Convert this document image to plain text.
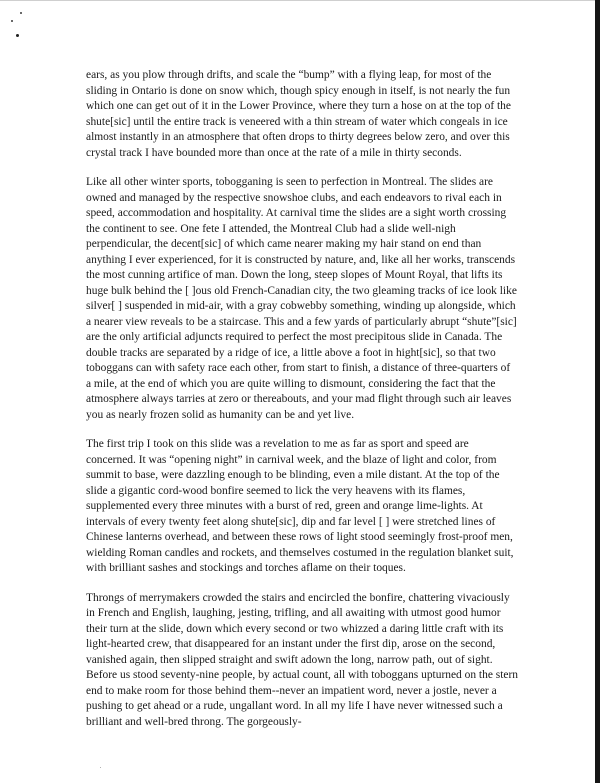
ears, as you plow through drifts, and scale the “bump” with a flying leap, for most of the sliding in Ontario is done on snow which, though spicy enough in itself, is not nearly the fun which one can get out of it in the Lower Province, where they turn a hose on at the top of the shute[sic] until the entire track is veneered with a thin stream of water which congeals in ice almost instantly in an atmosphere that often drops to thirty degrees below zero, and over this crystal track I have bounded more than once at the rate of a mile in thirty seconds.

Like all other winter sports, tobogganing is seen to perfection in Montreal. The slides are owned and managed by the respective snowshoe clubs, and each endeavors to rival each in speed, accommodation and hospitality. At carnival time the slides are a sight worth crossing the continent to see. One fete I attended, the Montreal Club had a slide well-nigh perpendicular, the decent[sic] of which came nearer making my hair stand on end than anything I ever experienced, for it is constructed by nature, and, like all her works, transcends the most cunning artifice of man. Down the long, steep slopes of Mount Royal, that lifts its huge bulk behind the [ ]ous old French-Canadian city, the two gleaming tracks of ice look like silver[ ] suspended in mid-air, with a gray cobwebby something, winding up alongside, which a nearer view reveals to be a staircase. This and a few yards of particularly abrupt “shute”[sic] are the only artificial adjuncts required to perfect the most precipitous slide in Canada. The double tracks are separated by a ridge of ice, a little above a foot in hight[sic], so that two toboggans can with safety race each other, from start to finish, a distance of three-quarters of a mile, at the end of which you are quite willing to dismount, considering the fact that the atmosphere always tarries at zero or thereabouts, and your mad flight through such air leaves you as nearly frozen solid as humanity can be and yet live.

The first trip I took on this slide was a revelation to me as far as sport and speed are concerned. It was “opening night” in carnival week, and the blaze of light and color, from summit to base, were dazzling enough to be blinding, even a mile distant. At the top of the slide a gigantic cord-wood bonfire seemed to lick the very heavens with its flames, supplemented every three minutes with a burst of red, green and orange lime-lights. At intervals of every twenty feet along shute[sic], dip and far level [ ] were stretched lines of Chinese lanterns overhead, and between these rows of light stood seemingly frost-proof men, wielding Roman candles and rockets, and themselves costumed in the regulation blanket suit, with brilliant sashes and stockings and torches aflame on their toques.

Throngs of merrymakers crowded the stairs and encircled the bonfire, chattering vivaciously in French and English, laughing, jesting, trifling, and all awaiting with utmost good humor their turn at the slide, down which every second or two whizzed a daring little craft with its light-hearted crew, that disappeared for an instant under the first dip, arose on the second, vanished again, then slipped straight and swift adown the long, narrow path, out of sight. Before us stood seventy-nine people, by actual count, all with toboggans upturned on the stern end to make room for those behind them--never an impatient word, never a jostle, never a pushing to get ahead or a rude, ungallant word. In all my life I have never witnessed such a brilliant and well-bred throng. The gorgeously-
